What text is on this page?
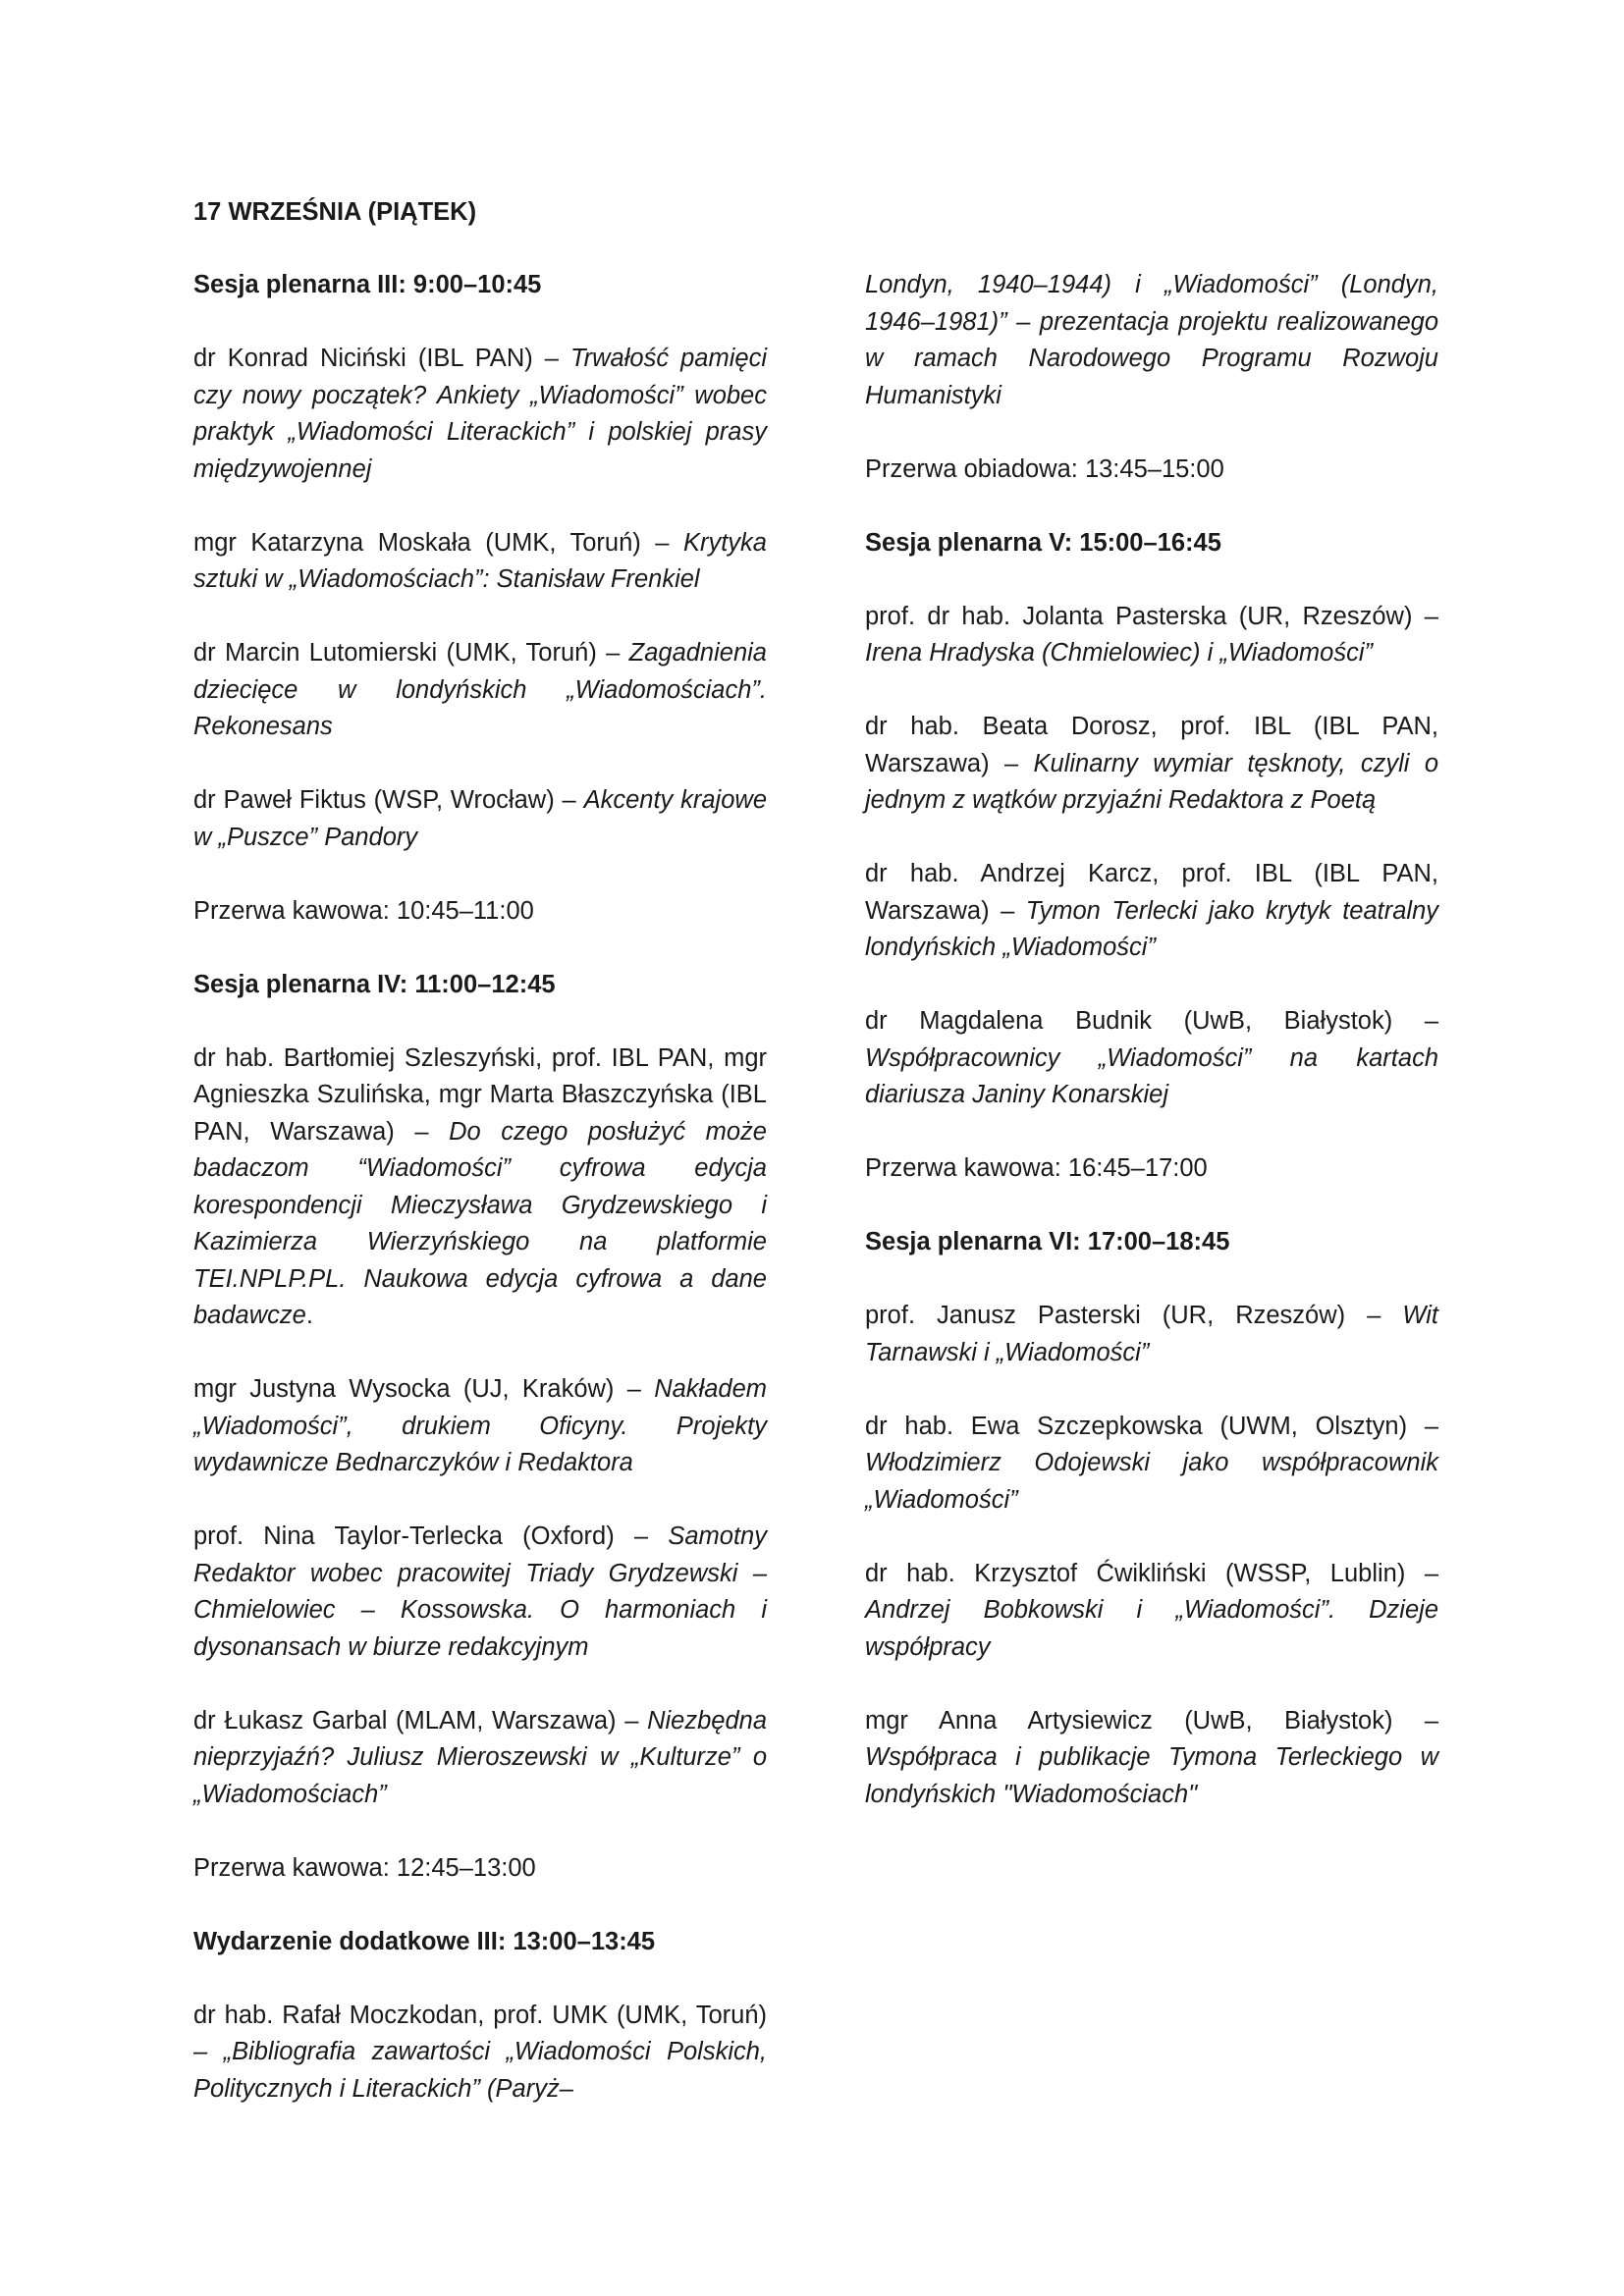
17 WRZEŚNIA (PIĄTEK)
Sesja plenarna III: 9:00–10:45
dr Konrad Niciński (IBL PAN) – Trwałość pamięci czy nowy początek? Ankiety „Wiadomości” wobec praktyk „Wiadomości Literackich” i polskiej prasy międzywojennej
mgr Katarzyna Moskała (UMK, Toruń) – Krytyka sztuki w „Wiadomościach”: Stanisław Frenkiel
dr Marcin Lutomierski (UMK, Toruń) – Zagadnienia dziecięce w londyńskich „Wiadomościach”. Rekonesans
dr Paweł Fiktus (WSP, Wrocław) – Akcenty krajowe w „Puszce” Pandory
Przerwa kawowa: 10:45–11:00
Sesja plenarna IV: 11:00–12:45
dr hab. Bartłomiej Szleszyński, prof. IBL PAN, mgr Agnieszka Szulińska, mgr Marta Błaszczyńska (IBL PAN, Warszawa) – Do czego posłużyć może badaczom “Wiadomości” cyfrowa edycja korespondencji Mieczysława Grydzewskiego i Kazimierza Wierzyńskiego na platformie TEI.NPLP.PL. Naukowa edycja cyfrowa a dane badawcze.
mgr Justyna Wysocka (UJ, Kraków) – Nakładem „Wiadomości”, drukiem Oficyny. Projekty wydawnicze Bednarczyków i Redaktora
prof. Nina Taylor-Terlecka (Oxford) – Samotny Redaktor wobec pracowitej Triady Grydzewski – Chmielowiec – Kossowska. O harmoniach i dysonansach w biurze redakcyjnym
dr Łukasz Garbal (MLAM, Warszawa) – Niezbędna nieprzyjaźń? Juliusz Mieroszewski w „Kulturze” o „Wiadomościach”
Przerwa kawowa: 12:45–13:00
Wydarzenie dodatkowe III: 13:00–13:45
dr hab. Rafał Moczkodan, prof. UMK (UMK, Toruń) – „Bibliografia zawartości „Wiadomości Polskich, Politycznych i Literackich” (Paryż–
Londyn, 1940–1944) i „Wiadomości” (Londyn, 1946–1981)” – prezentacja projektu realizowanego w ramach Narodowego Programu Rozwoju Humanistyki
Przerwa obiadowa: 13:45–15:00
Sesja plenarna V: 15:00–16:45
prof. dr hab. Jolanta Pasterska (UR, Rzeszów) – Irena Hradyska (Chmielowiec) i „Wiadomości”
dr hab. Beata Dorosz, prof. IBL (IBL PAN, Warszawa) – Kulinarny wymiar tęsknoty, czyli o jednym z wątków przyjaźni Redaktora z Poetą
dr hab. Andrzej Karcz, prof. IBL (IBL PAN, Warszawa) – Tymon Terlecki jako krytyk teatralny londyńskich „Wiadomości”
dr Magdalena Budnik (UwB, Białystok) – Współpracownicy „Wiadomości” na kartach diariusza Janiny Konarskiej
Przerwa kawowa: 16:45–17:00
Sesja plenarna VI: 17:00–18:45
prof. Janusz Pasterski (UR, Rzeszów) – Wit Tarnawski i „Wiadomości”
dr hab. Ewa Szczepkowska (UWM, Olsztyn) – Włodzimierz Odojewski jako współpracownik „Wiadomości”
dr hab. Krzysztof Ćwikliński (WSSP, Lublin) – Andrzej Bobkowski i „Wiadomości”. Dzieje współpracy
mgr Anna Artysiewicz (UwB, Białystok) – Współpraca i publikacje Tymona Terleckiego w londyńskich "Wiadomościach"
